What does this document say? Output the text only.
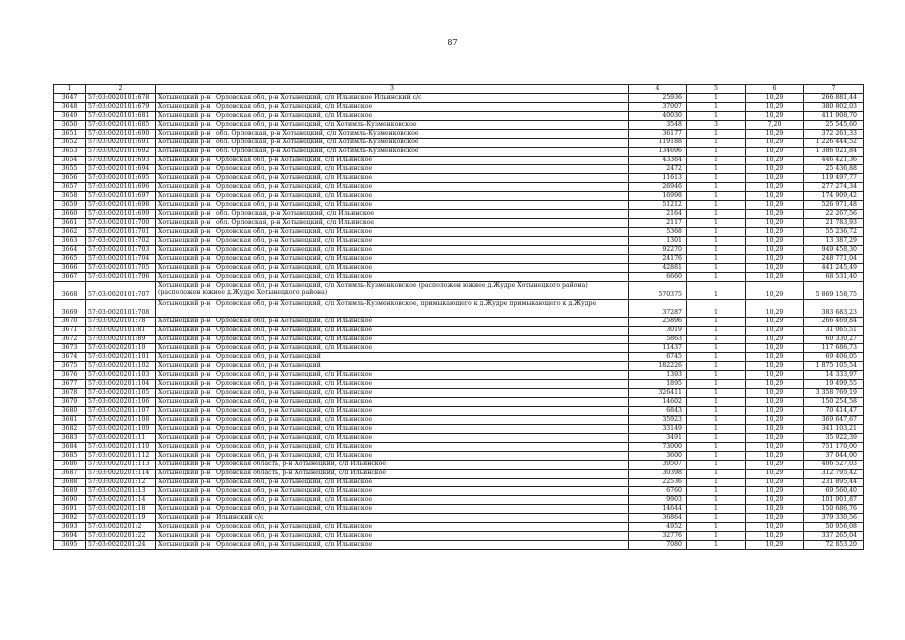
87
1	2	3	4	5	6	7
3647	57:03:0020101:678	Хотынецкий р-н Орловская обл, р-н Хотынецкий, с/п Ильинское Ильинский с/с	25936	1	10,29	266 881,44
3648	57:03:0020101:679	Хотынецкий р-н Орловская обл, р-н Хотынецкий, с/п Ильинское	37007	1	10,29	380 802,03
3649	57:03:0020101:681	Хотынецкий р-н Орловская обл, р-н Хотынецкий, с/п Ильинское	40030	1	10,29	411 908,70
3650	57:03:0020101:685	Хотынецкий р-н Орловская обл, р-н Хотынецкий, с/п Хотимль-Кузменковское	3548	3	7,20	25 545,60
3651	57:03:0020101:690	Хотынецкий р-н обл. Орловская, р-н Хотынецкий, с/п Хотимль-Кузменковское	36177	1	10,29	372 261,33
3652	57:03:0020101:691	Хотынецкий р-н обл. Орловская, р-н Хотынецкий, с/п Хотимль-Кузменковское	119188	1	10,29	1 226 444,52
3653	57:03:0020101:692	Хотынецкий р-н обл. Орловская, р-н Хотынецкий, с/п Хотимль-Кузменковское	134696	1	10,29	1 386 021,84
3654	57:03:0020101:693	Хотынецкий р-н Орловская обл, р-н Хотынецкий, с/п Ильинское	43384	1	10,29	446 421,36
3655	57:03:0020101:694	Хотынецкий р-н Орловская обл, р-н Хотынецкий, с/п Ильинское	2472	1	10,29	25 436,88
3656	57:03:0020101:695	Хотынецкий р-н Орловская обл, р-н Хотынецкий, с/п Ильинское	11613	1	10,29	119 497,77
3657	57:03:0020101:696	Хотынецкий р-н Орловская обл, р-н Хотынецкий, с/п Ильинское	26946	1	10,29	277 274,34
3658	57:03:0020101:697	Хотынецкий р-н Орловская обл, р-н Хотынецкий, с/п Ильинское	16998	1	10,29	174 909,42
3659	57:03:0020101:698	Хотынецкий р-н Орловская обл, р-н Хотынецкий, с/п Ильинское	51212	1	10,29	526 971,48
3660	57:03:0020101:699	Хотынецкий р-н обл. Орловская, р-н Хотынецкий, с/п Ильинское	2164	1	10,29	22 267,56
3661	57:03:0020101:700	Хотынецкий р-н обл. Орловская, р-н Хотынецкий, с/п Ильинское	2117	1	10,29	21 783,93
3662	57:03:0020101:701	Хотынецкий р-н Орловская обл, р-н Хотынецкий, с/п Ильинское	5368	1	10,29	55 236,72
3663	57:03:0020101:702	Хотынецкий р-н Орловская обл, р-н Хотынецкий, с/п Ильинское	1301	1	10,29	13 387,29
3664	57:03:0020101:703	Хотынецкий р-н Орловская обл, р-н Хотынецкий, с/п Ильинское	92270	1	10,29	949 458,30
3665	57:03:0020101:704	Хотынецкий р-н Орловская обл, р-н Хотынецкий, с/п Ильинское	24176	1	10,29	248 771,04
3666	57:03:0020101:705	Хотынецкий р-н Орловская обл, р-н Хотынецкий, с/п Ильинское	42881	1	10,29	441 245,49
3667	57:03:0020101:706	Хотынецкий р-н Орловская обл, р-н Хотынецкий, с/п Ильинское	6660	1	10,29	68 531,40
3668	57:03:0020101:707	Хотынецкий р-н Орловская обл, р-н Хотынецкий, с/п Хотимль-Кузменковское (расположен южнее д.Жудре Хотынецкого района) (расположен южнее д.Жудре Хотынецкого района)	570375	1	10,29	5 869 158,75
3669	57:03:0020101:708	Хотынецкий р-н Орловская обл, р-н Хотынецкий, с/п Хотимль-Кузменковское, примыкающего к д.Жудре примыкающего к д.Жудре	37287	1	10,29	383 683,23
3670	57:03:0020101:78	Хотынецкий р-н Орловская обл, р-н Хотынецкий, с/п Ильинское	25896	1	10,29	266 469,84
3671	57:03:0020101:81	Хотынецкий р-н Орловская обл, р-н Хотынецкий, с/п Ильинское	3019	1	10,29	31 065,51
3672	57:03:0020101:89	Хотынецкий р-н Орловская обл, р-н Хотынецкий, с/п Ильинское	5863	1	10,29	60 330,27
3673	57:03:0020201:10	Хотынецкий р-н Орловская обл, р-н Хотынецкий, с/п Ильинское	11437	1	10,29	117 686,73
3674	57:03:0020201:101	Хотынецкий р-н Орловская обл, р-н Хотынецкий	6745	1	10,29	69 406,05
3675	57:03:0020201:102	Хотынецкий р-н Орловская обл, р-н Хотынецкий	182226	1	10,29	1 875 105,54
3676	57:03:0020201:103	Хотынецкий р-н Орловская обл, р-н Хотынецкий, с/п Ильинское	1393	1	10,29	14 333,97
3677	57:03:0020201:104	Хотынецкий р-н Орловская обл, р-н Хотынецкий, с/п Ильинское	1895	1	10,29	19 499,55
3678	57:03:0020201:105	Хотынецкий р-н Орловская обл, р-н Хотынецкий, с/п Ильинское	326411	1	10,29	3 358 769,19
3679	57:03:0020201:106	Хотынецкий р-н Орловская обл, р-н Хотынецкий, с/п Ильинское	14602	1	10,29	150 254,58
3680	57:03:0020201:107	Хотынецкий р-н Орловская обл, р-н Хотынецкий, с/п Ильинское	6843	1	10,29	70 414,47
3681	57:03:0020201:108	Хотынецкий р-н Орловская обл, р-н Хотынецкий, с/п Ильинское	35923	1	10,29	369 647,67
3682	57:03:0020201:109	Хотынецкий р-н Орловская обл, р-н Хотынецкий, с/п Ильинское	33149	1	10,29	341 103,21
3683	57:03:0020201:11	Хотынецкий р-н Орловская обл, р-н Хотынецкий, с/п Ильинское	3491	1	10,29	35 922,39
3684	57:03:0020201:110	Хотынецкий р-н Орловская обл, р-н Хотынецкий, с/п Ильинское	73000	1	10,29	751 170,00
3685	57:03:0020201:112	Хотынецкий р-н Орловская обл, р-н Хотынецкий, с/п Ильинское	3600	1	10,29	37 044,00
3686	57:03:0020201:113	Хотынецкий р-н Орловская область, р-н Хотынецкий, с/п Ильинское	39507	1	10,29	406 527,03
3687	57:03:0020201:114	Хотынецкий р-н Орловская область, р-н Хотынецкий, с/п Ильинское	30398	1	10,29	312 795,42
3688	57:03:0020201:12	Хотынецкий р-н Орловская обл, р-н Хотынецкий, с/п Ильинское	22536	1	10,29	231 895,44
3689	57:03:0020201:13	Хотынецкий р-н Орловская обл, р-н Хотынецкий, с/п Ильинское	6760	1	10,29	69 560,40
3690	57:03:0020201:14	Хотынецкий р-н Орловская обл, р-н Хотынецкий, с/п Ильинское	9903	1	10,29	101 901,87
3691	57:03:0020201:18	Хотынецкий р-н Орловская обл, р-н Хотынецкий, с/п Ильинское	14644	1	10,29	150 686,76
3692	57:03:0020201:19	Хотынецкий р-н Ильинский с/с	36864	1	10,29	379 330,56
3693	57:03:0020201:2	Хотынецкий р-н Орловская обл, р-н Хотынецкий, с/п Ильинское	4952	1	10,29	50 956,08
3694	57:03:0020201:22	Хотынецкий р-н Орловская обл, р-н Хотынецкий, с/п Ильинское	32776	1	10,29	337 265,04
3695	57:03:0020201:24	Хотынецкий р-н Орловская обл, р-н Хотынецкий, с/п Ильинское	7080	1	10,29	72 853,20
